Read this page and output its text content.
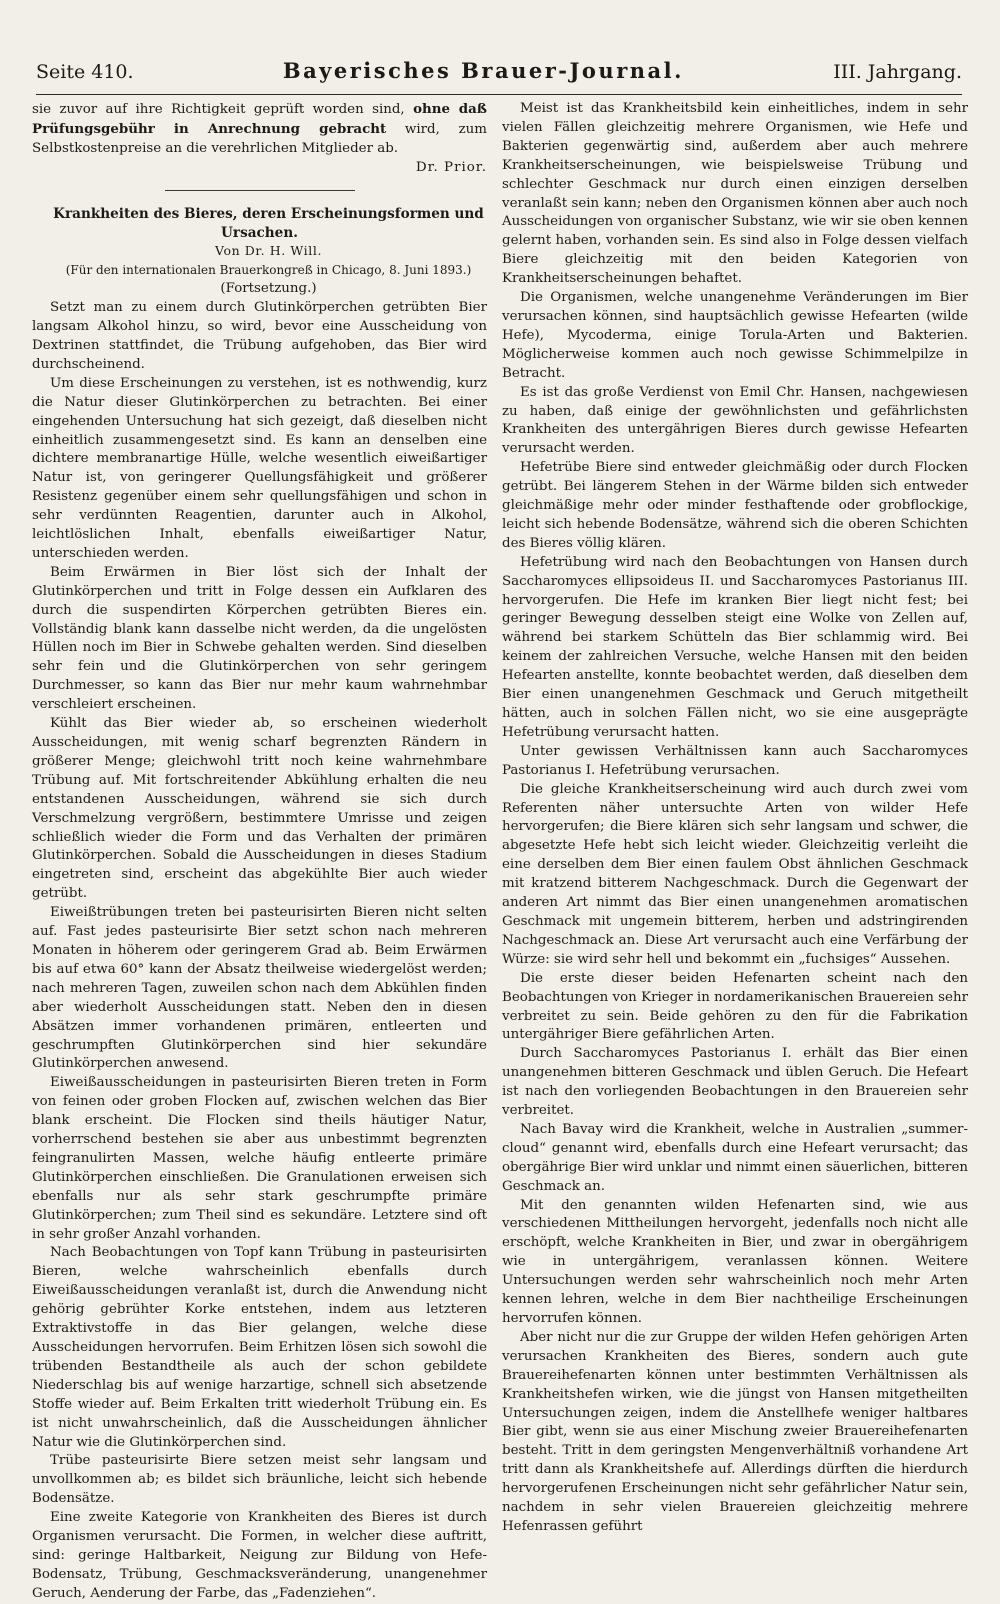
Seite 410.	Bayerisches Brauer-Journal.	III. Jahrgang.

sie zuvor auf ihre Richtigkeit geprüft worden sind, ohne daß Prüfungsgebühr in Anrechnung gebracht wird, zum Selbstkostenpreise an die verehrlichen Mitglieder ab.

Dr. Prior.

Krankheiten des Bieres, deren Erscheinungsformen und Ursachen.

Von Dr. H. Will.

(Für den internationalen Brauerkongreß in Chicago, 8. Juni 1893.)

(Fortsetzung.)

Setzt man zu einem durch Glutinkörperchen getrübten Bier langsam Alkohol hinzu, so wird, bevor eine Ausscheidung von Dextrinen stattfindet, die Trübung aufgehoben, das Bier wird durchscheinend.

Um diese Erscheinungen zu verstehen, ist es nothwendig, kurz die Natur dieser Glutinkörperchen zu betrachten. Bei einer eingehenden Untersuchung hat sich gezeigt, daß dieselben nicht einheitlich zusammengesetzt sind. Es kann an denselben eine dichtere membranartige Hülle, welche wesentlich eiweißartiger Natur ist, von geringerer Quellungsfähigkeit und größerer Resistenz gegenüber einem sehr quellungsfähigen und schon in sehr verdünnten Reagentien, darunter auch in Alkohol, leichtlöslichen Inhalt, ebenfalls eiweißartiger Natur, unterschieden werden.

Beim Erwärmen in Bier löst sich der Inhalt der Glutinkörperchen und tritt in Folge dessen ein Aufklaren des durch die suspendirten Körperchen getrübten Bieres ein. Vollständig blank kann dasselbe nicht werden, da die ungelösten Hüllen noch im Bier in Schwebe gehalten werden. Sind dieselben sehr fein und die Glutinkörperchen von sehr geringem Durchmesser, so kann das Bier nur mehr kaum wahrnehmbar verschleiert erscheinen.

Kühlt das Bier wieder ab, so erscheinen wiederholt Ausscheidungen, mit wenig scharf begrenzten Rändern in größerer Menge; gleichwohl tritt noch keine wahrnehmbare Trübung auf. Mit fortschreitender Abkühlung erhalten die neu entstandenen Ausscheidungen, während sie sich durch Verschmelzung vergrößern, bestimmtere Umrisse und zeigen schließlich wieder die Form und das Verhalten der primären Glutinkörperchen. Sobald die Ausscheidungen in dieses Stadium eingetreten sind, erscheint das abgekühlte Bier auch wieder getrübt.

Eiweißtrübungen treten bei pasteurisirten Bieren nicht selten auf. Fast jedes pasteurisirte Bier setzt schon nach mehreren Monaten in höherem oder geringerem Grad ab. Beim Erwärmen bis auf etwa 60° kann der Absatz theilweise wiedergelöst werden; nach mehreren Tagen, zuweilen schon nach dem Abkühlen finden aber wiederholt Ausscheidungen statt. Neben den in diesen Absätzen immer vorhandenen primären, entleerten und geschrumpften Glutinkörperchen sind hier sekundäre Glutinkörperchen anwesend.

Eiweißausscheidungen in pasteurisirten Bieren treten in Form von feinen oder groben Flocken auf, zwischen welchen das Bier blank erscheint. Die Flocken sind theils häutiger Natur, vorherrschend bestehen sie aber aus unbestimmt begrenzten feingranulirten Massen, welche häufig entleerte primäre Glutinkörperchen einschließen. Die Granulationen erweisen sich ebenfalls nur als sehr stark geschrumpfte primäre Glutinkörperchen; zum Theil sind es sekundäre. Letztere sind oft in sehr großer Anzahl vorhanden.

Nach Beobachtungen von Topf kann Trübung in pasteurisirten Bieren, welche wahrscheinlich ebenfalls durch Eiweißausscheidungen veranlaßt ist, durch die Anwendung nicht gehörig gebrühter Korke entstehen, indem aus letzteren Extraktivstoffe in das Bier gelangen, welche diese Ausscheidungen hervorrufen. Beim Erhitzen lösen sich sowohl die trübenden Bestandtheile als auch der schon gebildete Niederschlag bis auf wenige harzartige, schnell sich absetzende Stoffe wieder auf. Beim Erkalten tritt wiederholt Trübung ein. Es ist nicht unwahrscheinlich, daß die Ausscheidungen ähnlicher Natur wie die Glutinkörperchen sind.

Trübe pasteurisirte Biere setzen meist sehr langsam und unvollkommen ab; es bildet sich bräunliche, leicht sich hebende Bodensätze.

Eine zweite Kategorie von Krankheiten des Bieres ist durch Organismen verursacht. Die Formen, in welcher diese auftritt, sind: geringe Haltbarkeit, Neigung zur Bildung von Hefe-Bodensatz, Trübung, Geschmacksveränderung, unangenehmer Geruch, Aenderung der Farbe, das „Fadenziehen“.

Meist ist das Krankheitsbild kein einheitliches, indem in sehr vielen Fällen gleichzeitig mehrere Organismen, wie Hefe und Bakterien gegenwärtig sind, außerdem aber auch mehrere Krankheitserscheinungen, wie beispielsweise Trübung und schlechter Geschmack nur durch einen einzigen derselben veranlaßt sein kann; neben den Organismen können aber auch noch Ausscheidungen von organischer Substanz, wie wir sie oben kennen gelernt haben, vorhanden sein. Es sind also in Folge dessen vielfach Biere gleichzeitig mit den beiden Kategorien von Krankheitserscheinungen behaftet.

Die Organismen, welche unangenehme Veränderungen im Bier verursachen können, sind hauptsächlich gewisse Hefearten (wilde Hefe), Mycoderma, einige Torula-Arten und Bakterien. Möglicherweise kommen auch noch gewisse Schimmelpilze in Betracht.

Es ist das große Verdienst von Emil Chr. Hansen, nachgewiesen zu haben, daß einige der gewöhnlichsten und gefährlichsten Krankheiten des untergährigen Bieres durch gewisse Hefearten verursacht werden.

Hefetrübe Biere sind entweder gleichmäßig oder durch Flocken getrübt. Bei längerem Stehen in der Wärme bilden sich entweder gleichmäßige mehr oder minder festhaftende oder grobflockige, leicht sich hebende Bodensätze, während sich die oberen Schichten des Bieres völlig klären.

Hefetrübung wird nach den Beobachtungen von Hansen durch Saccharomyces ellipsoideus II. und Saccharomyces Pastorianus III. hervorgerufen. Die Hefe im kranken Bier liegt nicht fest; bei geringer Bewegung desselben steigt eine Wolke von Zellen auf, während bei starkem Schütteln das Bier schlammig wird. Bei keinem der zahlreichen Versuche, welche Hansen mit den beiden Hefearten anstellte, konnte beobachtet werden, daß dieselben dem Bier einen unangenehmen Geschmack und Geruch mitgetheilt hätten, auch in solchen Fällen nicht, wo sie eine ausgeprägte Hefetrübung verursacht hatten.

Unter gewissen Verhältnissen kann auch Saccharomyces Pastorianus I. Hefetrübung verursachen.

Die gleiche Krankheitserscheinung wird auch durch zwei vom Referenten näher untersuchte Arten von wilder Hefe hervorgerufen; die Biere klären sich sehr langsam und schwer, die abgesetzte Hefe hebt sich leicht wieder. Gleichzeitig verleiht die eine derselben dem Bier einen faulem Obst ähnlichen Geschmack mit kratzend bitterem Nachgeschmack. Durch die Gegenwart der anderen Art nimmt das Bier einen unangenehmen aromatischen Geschmack mit ungemein bitterem, herben und adstringirenden Nachgeschmack an. Diese Art verursacht auch eine Verfärbung der Würze: sie wird sehr hell und bekommt ein „fuchsiges“ Aussehen.

Die erste dieser beiden Hefenarten scheint nach den Beobachtungen von Krieger in nordamerikanischen Brauereien sehr verbreitet zu sein. Beide gehören zu den für die Fabrikation untergähriger Biere gefährlichen Arten.

Durch Saccharomyces Pastorianus I. erhält das Bier einen unangenehmen bitteren Geschmack und üblen Geruch. Die Hefeart ist nach den vorliegenden Beobachtungen in den Brauereien sehr verbreitet.

Nach Bavay wird die Krankheit, welche in Australien „summer-cloud“ genannt wird, ebenfalls durch eine Hefeart verursacht; das obergährige Bier wird unklar und nimmt einen säuerlichen, bitteren Geschmack an.

Mit den genannten wilden Hefenarten sind, wie aus verschiedenen Mittheilungen hervorgeht, jedenfalls noch nicht alle erschöpft, welche Krankheiten in Bier, und zwar in obergährigem wie in untergährigem, veranlassen können. Weitere Untersuchungen werden sehr wahrscheinlich noch mehr Arten kennen lehren, welche in dem Bier nachtheilige Erscheinungen hervorrufen können.

Aber nicht nur die zur Gruppe der wilden Hefen gehörigen Arten verursachen Krankheiten des Bieres, sondern auch gute Brauereihefenarten können unter bestimmten Verhältnissen als Krankheitshefen wirken, wie die jüngst von Hansen mitgetheilten Untersuchungen zeigen, indem die Anstellhefe weniger haltbares Bier gibt, wenn sie aus einer Mischung zweier Brauereihefenarten besteht. Tritt in dem geringsten Mengenverhältniß vorhandene Art tritt dann als Krankheitshefe auf. Allerdings dürften die hierdurch hervorgerufenen Erscheinungen nicht sehr gefährlicher Natur sein, nachdem in sehr vielen Brauereien gleichzeitig mehrere Hefenrassen geführt
